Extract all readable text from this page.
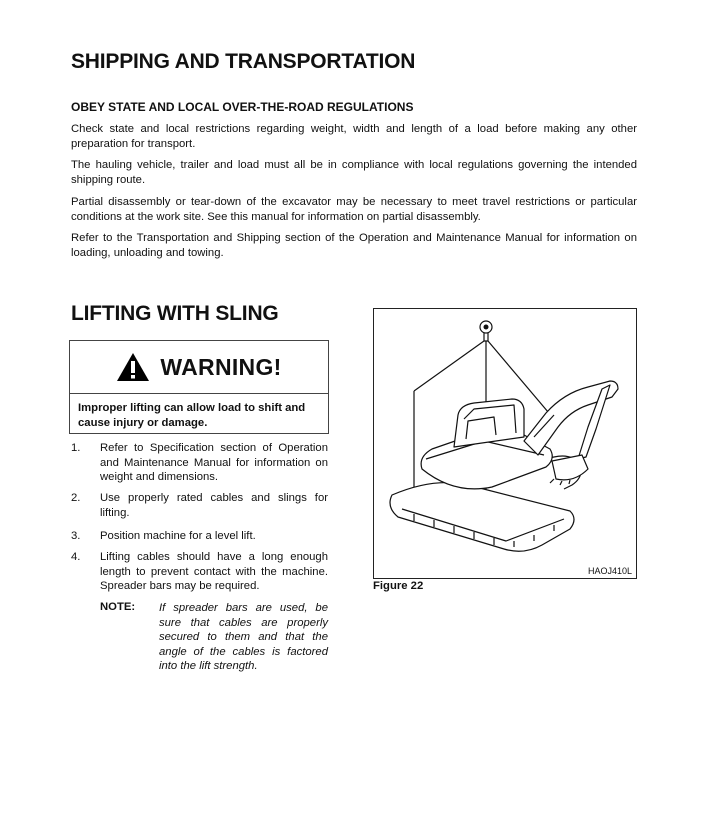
SHIPPING AND TRANSPORTATION
OBEY STATE AND LOCAL OVER-THE-ROAD REGULATIONS

Check state and local restrictions regarding weight, width and length of a load before making any other preparation for transport.

The hauling vehicle, trailer and load must all be in compliance with local regulations governing the intended shipping route.

Partial disassembly or tear-down of the excavator may be necessary to meet travel restrictions or particular conditions at the work site. See this manual for information on partial disassembly.

Refer to the Transportation and Shipping section of the Operation and Maintenance Manual for information on loading, unloading and towing.

LIFTING WITH SLING
WARNING!
Improper lifting can allow load to shift and cause injury or damage.
1. Refer to Specification section of Operation and Maintenance Manual for information on weight and dimensions.
2. Use properly rated cables and slings for lifting.
3. Position machine for a level lift.
4. Lifting cables should have a long enough length to prevent contact with the machine. Spreader bars may be required.
NOTE: If spreader bars are used, be sure that cables are properly secured to them and that the angle of the cables is factored into the lift strength.
HAOJ410L
Figure 22
